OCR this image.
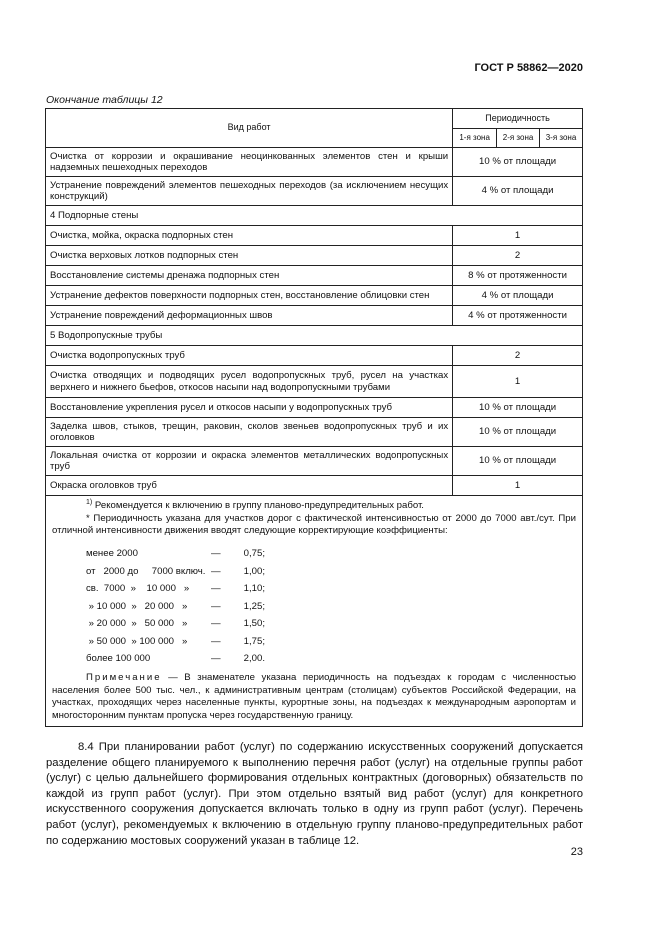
ГОСТ Р 58862—2020
Окончание таблицы 12
Вид работ	Периодичность
1-я зона	2-я зона	3-я зона
Очистка от коррозии и окрашивание неоцинкованных элементов стен и крыши надземных пешеходных переходов	10 % от площади
Устранение повреждений элементов пешеходных переходов (за исключением несущих конструкций)	4 % от площади
4 Подпорные стены
Очистка, мойка, окраска подпорных стен	1
Очистка верховых лотков подпорных стен	2
Восстановление системы дренажа подпорных стен	8 % от протяженности
Устранение дефектов поверхности подпорных стен, восстановление облицовки стен	4 % от площади
Устранение повреждений деформационных швов	4 % от протяженности
5 Водопропускные трубы
Очистка водопропускных труб	2
Очистка отводящих и подводящих русел водопропускных труб, русел на участках верхнего и нижнего бьефов, откосов насыпи над водопропускными трубами	1
Восстановление укрепления русел и откосов насыпи у водопропускных труб	10 % от площади
Заделка швов, стыков, трещин, раковин, сколов звеньев водопропускных труб и их оголовков	10 % от площади
Локальная очистка от коррозии и окраска элементов металлических водопропускных труб	10 % от площади
Окраска оголовков труб	1

$^{1)}$ Рекомендуется к включению в группу планово-предупредительных работ.

* Периодичность указана для участков дорог с фактической интенсивностью от 2000 до 7000 авт./сут. При отличной интенсивности движения вводят следующие корректирующие коэффициенты:

менее 2000	—	0,75;
от   2000 до     7000 включ.	—	1,00;
св.  7000  »    10 000   »	—	1,10;
» 10 000  »   20 000   »	—	1,25;
» 20 000  »   50 000   »	—	1,50;
» 50 000  » 100 000   »	—	1,75;
более 100 000	—	2,00.

Примечание — В знаменателе указана периодичность на подъездах к городам с численностью населения более 500 тыс. чел., к административным центрам (столицам) субъектов Российской Федерации, на участках, проходящих через населенные пункты, курортные зоны, на подъездах к международным аэропортам и многосторонним пунктам пропуска через государственную границу.

8.4 При планировании работ (услуг) по содержанию искусственных сооружений допускается разделение общего планируемого к выполнению перечня работ (услуг) на отдельные группы работ (услуг) с целью дальнейшего формирования отдельных контрактных (договорных) обязательств по каждой из групп работ (услуг). При этом отдельно взятый вид работ (услуг) для конкретного искусственного сооружения допускается включать только в одну из групп работ (услуг). Перечень работ (услуг), рекомендуемых к включению в отдельную группу планово-предупредительных работ по содержанию мостовых сооружений указан в таблице 12.

23
